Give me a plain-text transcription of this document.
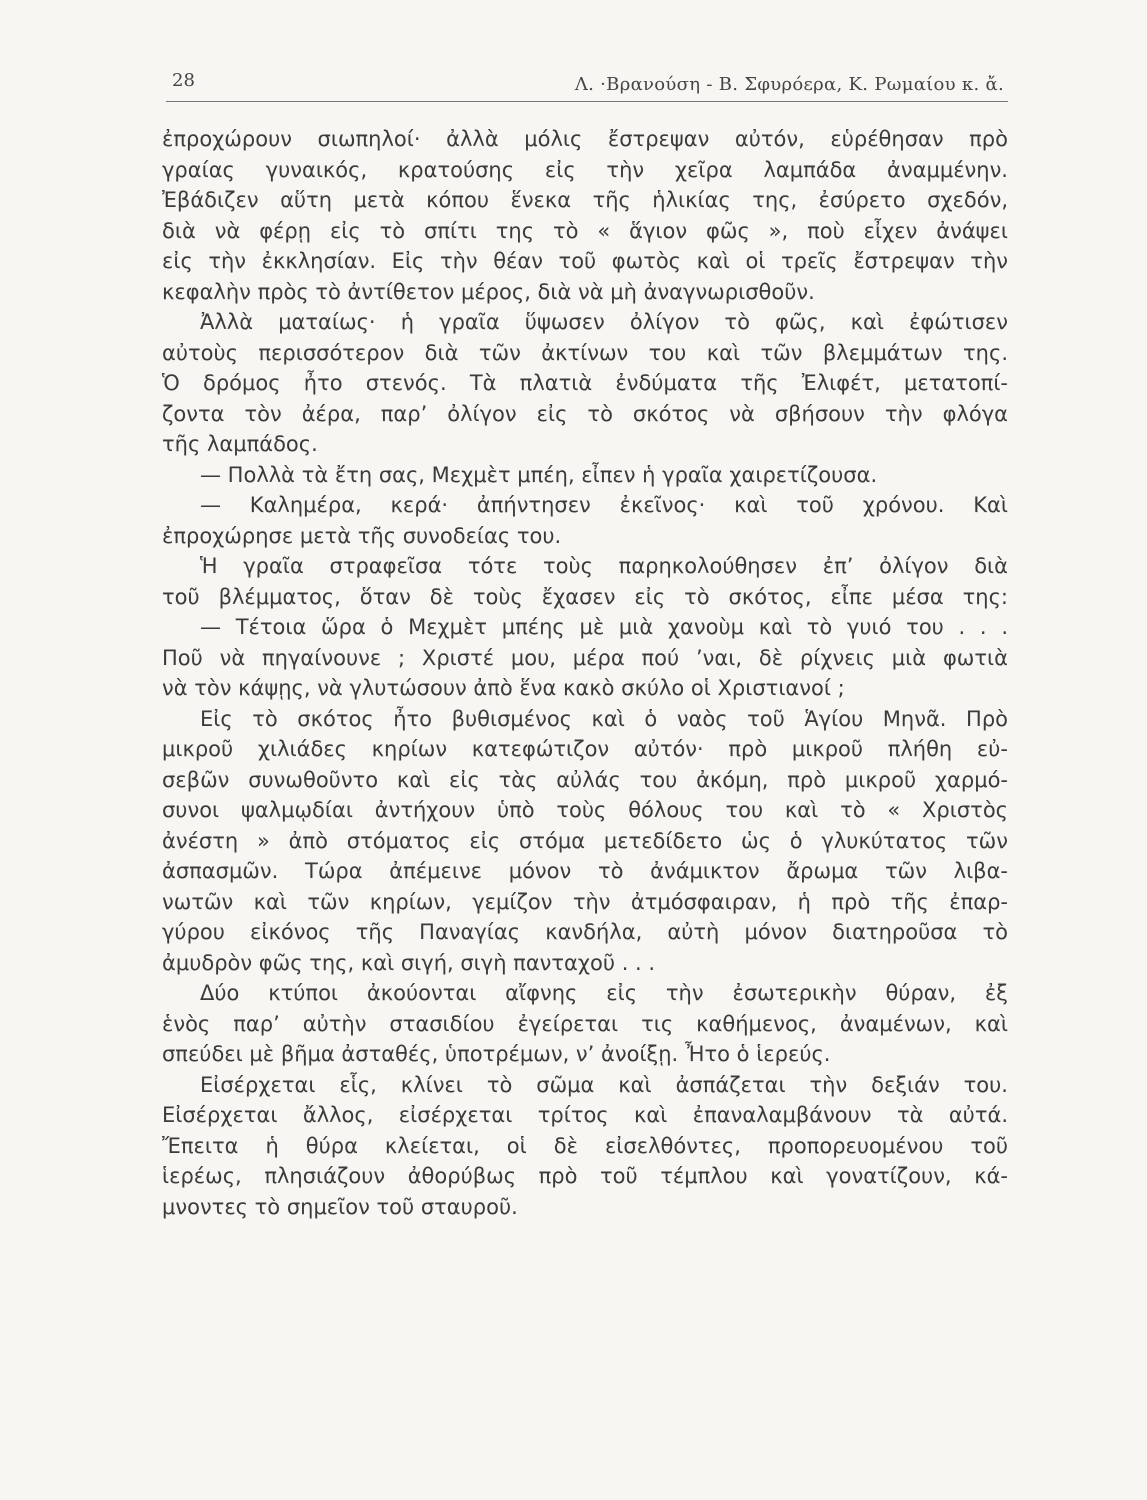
28	Λ. ·Βρανούση - Β. Σφυρόερα, Κ. Ρωμαίου κ. ἄ.
ἐπροχώρουν σιωπηλοί· ἀλλὰ μόλις ἔστρεψαν αὐτόν, εὑρέθησαν πρὸ
γραίας γυναικός, κρατούσης εἰς τὴν χεῖρα λαμπάδα ἀναμμένην.
Ἐβάδιζεν αὕτη μετὰ κόπου ἕνεκα τῆς ἡλικίας της, ἐσύρετο σχεδόν,
διὰ νὰ φέρῃ εἰς τὸ σπίτι της τὸ « ἅγιον φῶς », ποὺ εἶχεν ἀνάψει
εἰς τὴν ἐκκλησίαν. Εἰς τὴν θέαν τοῦ φωτὸς καὶ οἱ τρεῖς ἔστρεψαν τὴν
κεφαλὴν πρὸς τὸ ἀντίθετον μέρος, διὰ νὰ μὴ ἀναγνωρισθοῦν.
Ἀλλὰ ματαίως· ἡ γραῖα ὕψωσεν ὀλίγον τὸ φῶς, καὶ ἐφώτισεν
αὐτοὺς περισσότερον διὰ τῶν ἀκτίνων του καὶ τῶν βλεμμάτων της.
Ὁ δρόμος ἦτο στενός. Τὰ πλατιὰ ἐνδύματα τῆς Ἐλιφέτ, μετατοπί-
ζοντα τὸν ἀέρα, παρ’ ὀλίγον εἰς τὸ σκότος νὰ σβήσουν τὴν φλόγα
τῆς λαμπάδος.
— Πολλὰ τὰ ἔτη σας, Μεχμὲτ μπέη, εἶπεν ἡ γραῖα χαιρετίζουσα.
— Καλημέρα, κερά· ἀπήντησεν ἐκεῖνος· καὶ τοῦ χρόνου. Καὶ
ἐπροχώρησε μετὰ τῆς συνοδείας του.
Ἡ γραῖα στραφεῖσα τότε τοὺς παρηκολούθησεν ἐπ’ ὀλίγον διὰ
τοῦ βλέμματος, ὅταν δὲ τοὺς ἔχασεν εἰς τὸ σκότος, εἶπε μέσα της:
— Τέτοια ὥρα ὁ Μεχμὲτ μπέης μὲ μιὰ χανοὺμ καὶ τὸ γυιό του . . .
Ποῦ νὰ πηγαίνουνε ; Χριστέ μου, μέρα πού ’ναι, δὲ ρίχνεις μιὰ φωτιὰ
νὰ τὸν κάψῃς, νὰ γλυτώσουν ἀπὸ ἕνα κακὸ σκύλο οἱ Χριστιανοί ;
Εἰς τὸ σκότος ἦτο βυθισμένος καὶ ὁ ναὸς τοῦ Ἁγίου Μηνᾶ. Πρὸ
μικροῦ χιλιάδες κηρίων κατεφώτιζον αὐτόν· πρὸ μικροῦ πλήθη εὐ-
σεβῶν συνωθοῦντο καὶ εἰς τὰς αὐλάς του ἀκόμη, πρὸ μικροῦ χαρμό-
συνοι ψαλμῳδίαι ἀντήχουν ὑπὸ τοὺς θόλους του καὶ τὸ « Χριστὸς
ἀνέστη » ἀπὸ στόματος εἰς στόμα μετεδίδετο ὡς ὁ γλυκύτατος τῶν
ἀσπασμῶν. Τώρα ἀπέμεινε μόνον τὸ ἀνάμικτον ἄρωμα τῶν λιβα-
νωτῶν καὶ τῶν κηρίων, γεμίζον τὴν ἀτμόσφαιραν, ἡ πρὸ τῆς ἐπαρ-
γύρου εἰκόνος τῆς Παναγίας κανδήλα, αὐτὴ μόνον διατηροῦσα τὸ
ἀμυδρὸν φῶς της, καὶ σιγή, σιγὴ πανταχοῦ . . .
Δύο κτύποι ἀκούονται αἴφνης εἰς τὴν ἐσωτερικὴν θύραν, ἐξ
ἑνὸς παρ’ αὐτὴν στασιδίου ἐγείρεται τις καθήμενος, ἀναμένων, καὶ
σπεύδει μὲ βῆμα ἀσταθές, ὑποτρέμων, ν’ ἀνοίξῃ. Ἦτο ὁ ἱερεύς.
Εἰσέρχεται εἷς, κλίνει τὸ σῶμα καὶ ἀσπάζεται τὴν δεξιάν του.
Εἰσέρχεται ἄλλος, εἰσέρχεται τρίτος καὶ ἐπαναλαμβάνουν τὰ αὐτά.
Ἔπειτα ἡ θύρα κλείεται, οἱ δὲ εἰσελθόντες, προπορευομένου τοῦ
ἱερέως, πλησιάζουν ἀθορύβως πρὸ τοῦ τέμπλου καὶ γονατίζουν, κά-
μνοντες τὸ σημεῖον τοῦ σταυροῦ.
